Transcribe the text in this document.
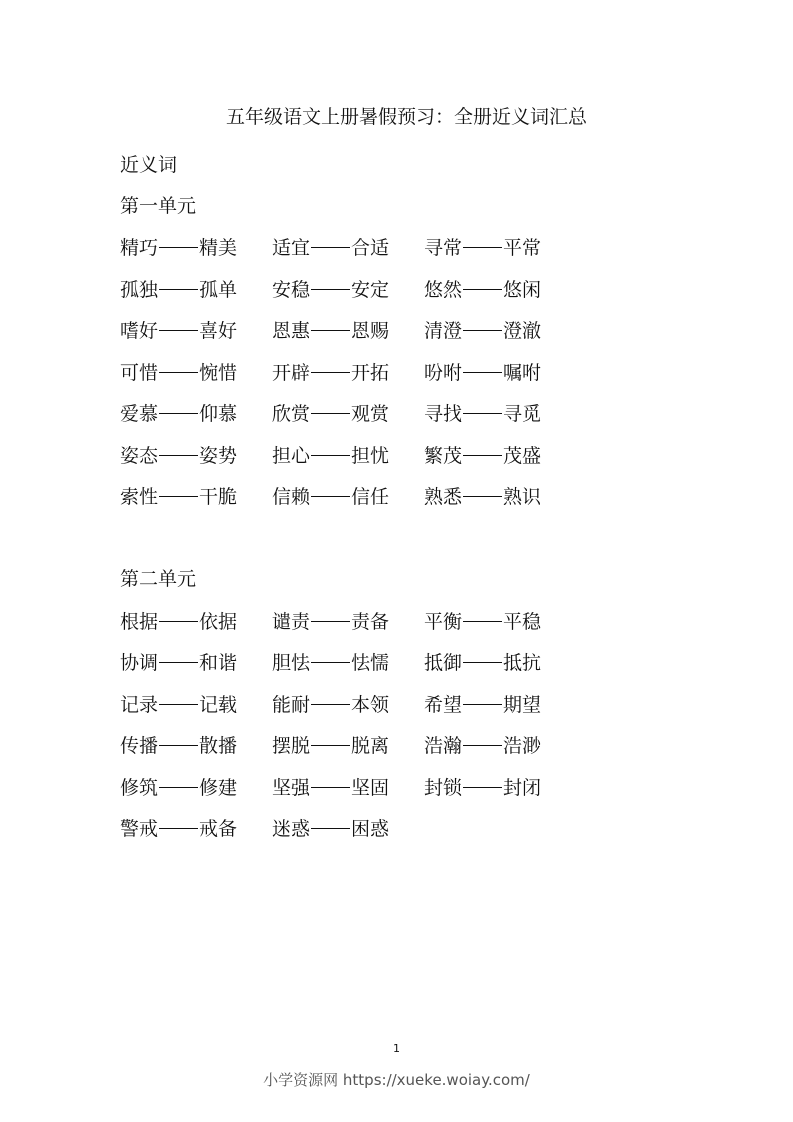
五年级语文上册暑假预习：全册近义词汇总
近义词
第一单元
精巧 精美 适宜 合适 寻常 平常
孤独 孤单 安稳 安定 悠然 悠闲
嗜好 喜好 恩惠 恩赐 清澄 澄澈
可惜 惋惜 开辟 开拓 吩咐 嘱咐
爱慕 仰慕 欣赏 观赏 寻找 寻觅
姿态 姿势 担心 担忧 繁茂 茂盛
索性 干脆 信赖 信任 熟悉 熟识
第二单元
根据 依据 谴责 责备 平衡 平稳
协调 和谐 胆怯 怯懦 抵御 抵抗
记录 记载 能耐 本领 希望 期望
传播 散播 摆脱 脱离 浩瀚 浩渺
修筑 修建 坚强 坚固 封锁 封闭
警戒 戒备 迷惑 困惑
1
小学资源网 https://xueke.woiay.com/
